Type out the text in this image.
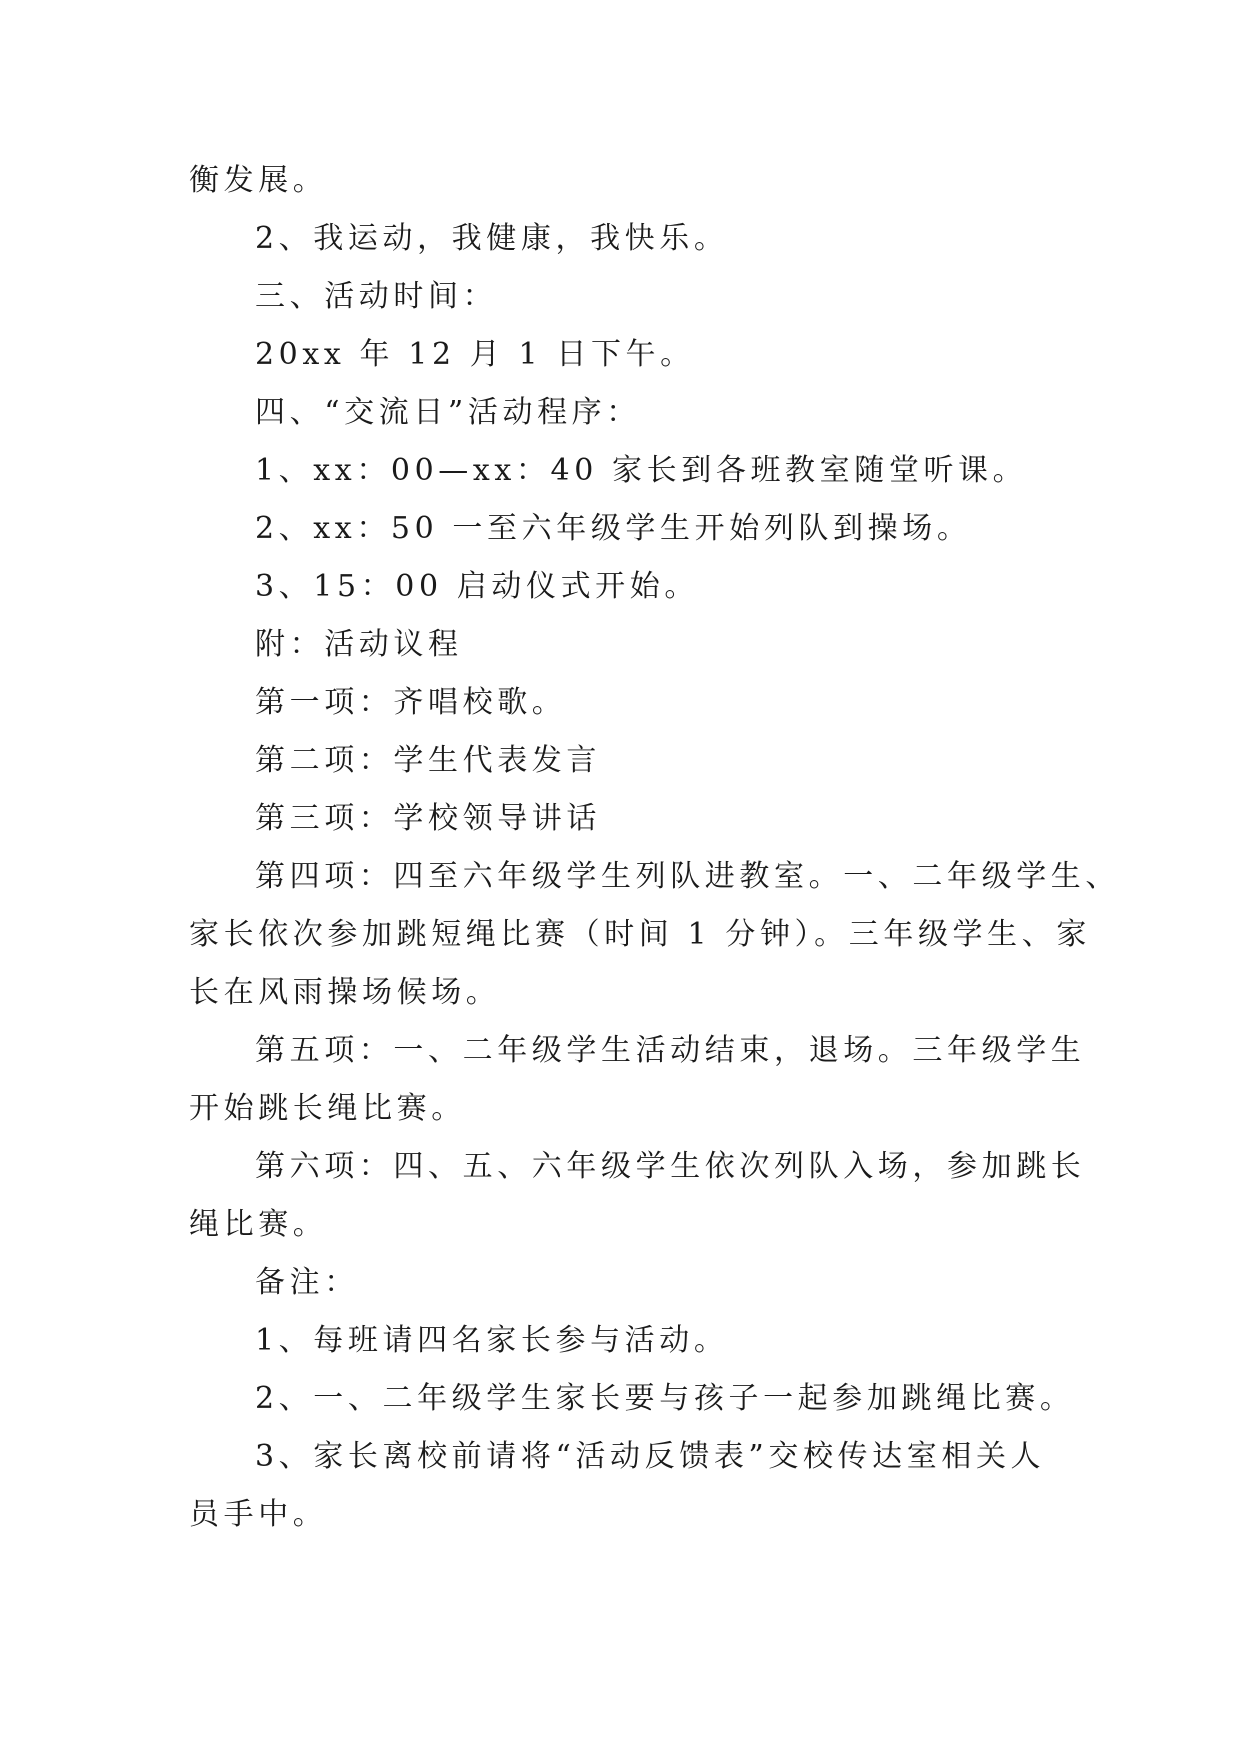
衡发展。
2、我运动，我健康，我快乐。
三、活动时间：
20xx 年 12 月 1 日下午。
四、“交流日”活动程序：
1、xx：00—xx：40 家长到各班教室随堂听课。
2、xx：50 一至六年级学生开始列队到操场。
3、15：00 启动仪式开始。
附：活动议程
第一项：齐唱校歌。
第二项：学生代表发言
第三项：学校领导讲话
第四项：四至六年级学生列队进教室。一、二年级学生、
家长依次参加跳短绳比赛（时间 1 分钟）。三年级学生、家
长在风雨操场候场。
第五项：一、二年级学生活动结束，退场。三年级学生
开始跳长绳比赛。
第六项：四、五、六年级学生依次列队入场，参加跳长
绳比赛。
备注：
1、每班请四名家长参与活动。
2、一、二年级学生家长要与孩子一起参加跳绳比赛。
3、家长离校前请将“活动反馈表”交校传达室相关人
员手中。
